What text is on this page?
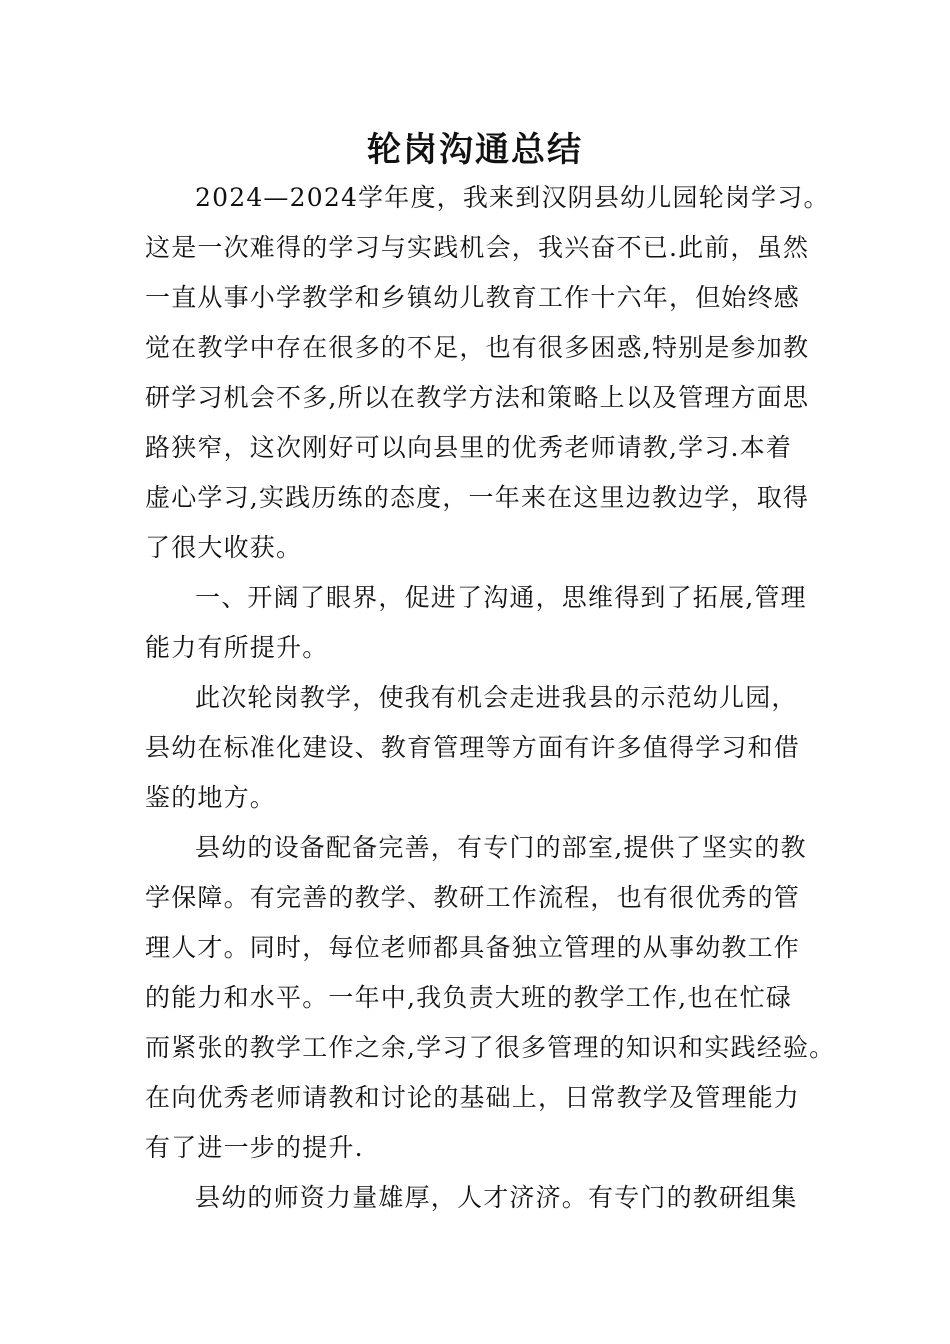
轮岗沟通总结
2024—2024学年度，我来到汉阴县幼儿园轮岗学习。
这是一次难得的学习与实践机会，我兴奋不已.此前，虽然
一直从事小学教学和乡镇幼儿教育工作十六年，但始终感
觉在教学中存在很多的不足，也有很多困惑,特别是参加教
研学习机会不多,所以在教学方法和策略上以及管理方面思
路狭窄，这次刚好可以向县里的优秀老师请教,学习.本着
虚心学习,实践历练的态度，一年来在这里边教边学，取得
了很大收获。
一、开阔了眼界，促进了沟通，思维得到了拓展,管理
能力有所提升。
此次轮岗教学，使我有机会走进我县的示范幼儿园，
县幼在标准化建设、教育管理等方面有许多值得学习和借
鉴的地方。
县幼的设备配备完善，有专门的部室,提供了坚实的教
学保障。有完善的教学、教研工作流程，也有很优秀的管
理人才。同时，每位老师都具备独立管理的从事幼教工作
的能力和水平。一年中,我负责大班的教学工作,也在忙碌
而紧张的教学工作之余,学习了很多管理的知识和实践经验。
在向优秀老师请教和讨论的基础上，日常教学及管理能力
有了进一步的提升.
县幼的师资力量雄厚，人才济济。有专门的教研组集
